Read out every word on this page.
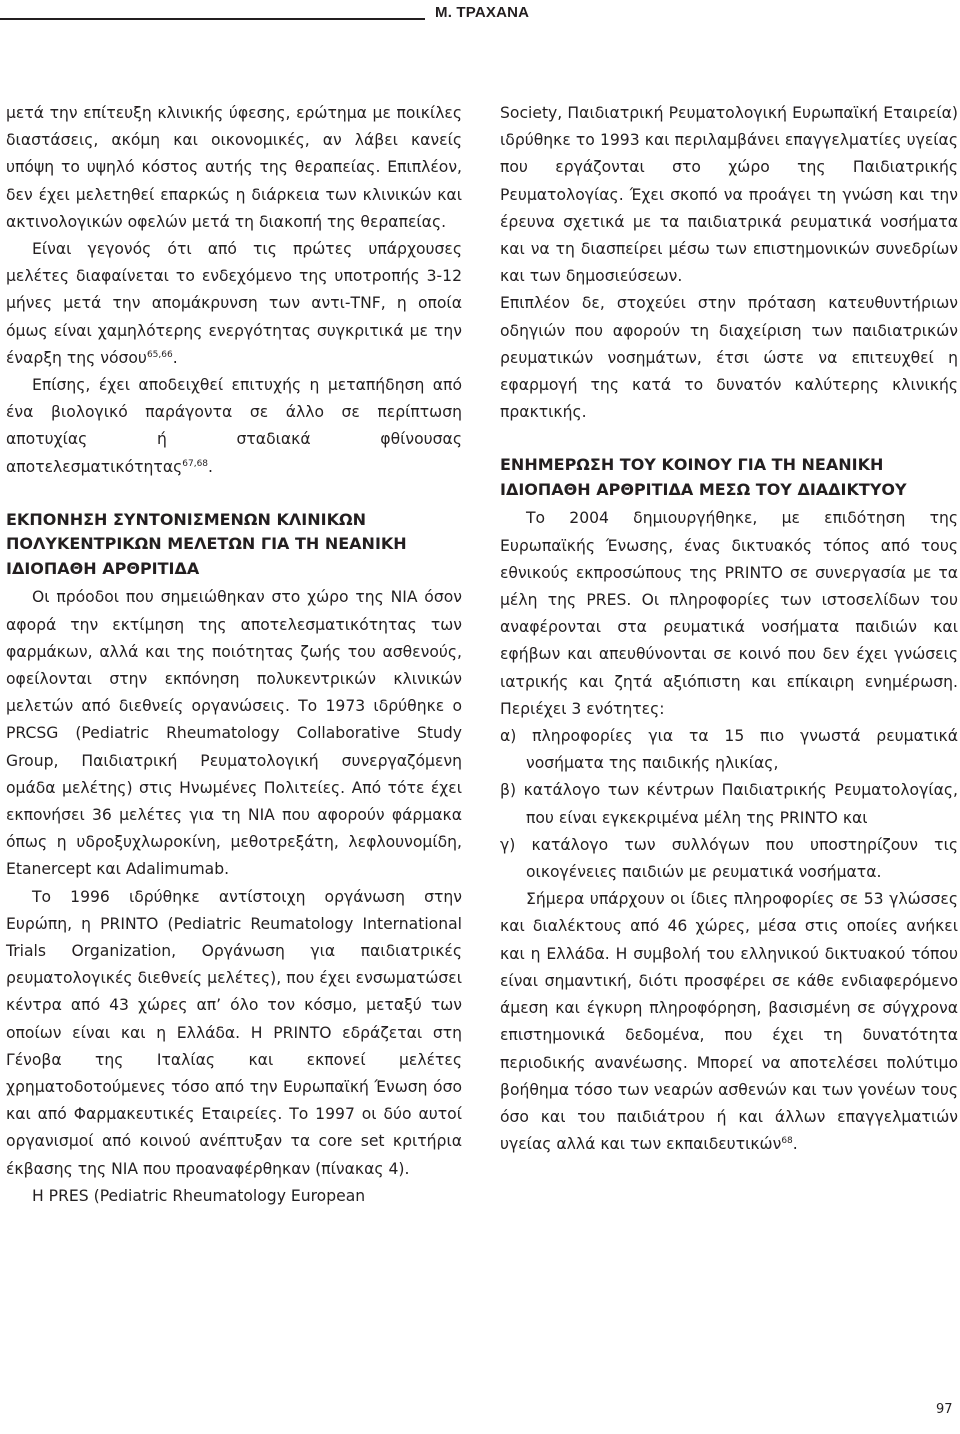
Μ. ΤΡΑΧΑΝΑ

μετά την επίτευξη κλινικής ύφεσης, ερώτημα με ποικίλες διαστάσεις, ακόμη και οικονομικές, αν λάβει κανείς υπόψη το υψηλό κόστος αυτής της θεραπείας. Επιπλέον, δεν έχει μελετηθεί επαρκώς η διάρκεια των κλινικών και ακτινολογικών οφελών μετά τη διακοπή της θεραπείας.

Είναι γεγονός ότι από τις πρώτες υπάρχουσες μελέτες διαφαίνεται το ενδεχόμενο της υποτροπής 3-12 μήνες μετά την απομάκρυνση των αντι-TNF, η οποία όμως είναι χαμηλότερης ενεργότητας συγκριτικά με την έναρξη της νόσου$^{65,66}$.

Επίσης, έχει αποδειχθεί επιτυχής η μεταπήδηση από ένα βιολογικό παράγοντα σε άλλο σε περίπτωση αποτυχίας ή σταδιακά φθίνουσας αποτελεσματικότητας$^{67,68}$.

ΕΚΠΟΝΗΣΗ ΣΥΝΤΟΝΙΣΜΕΝΩΝ ΚΛΙΝΙΚΩΝ ΠΟΛΥΚΕΝΤΡΙΚΩΝ ΜΕΛΕΤΩΝ ΓΙΑ ΤΗ ΝΕΑΝΙΚΗ ΙΔΙΟΠΑΘΗ ΑΡΘΡΙΤΙΔΑ

Οι πρόοδοι που σημειώθηκαν στο χώρο της ΝΙΑ όσον αφορά την εκτίμηση της αποτελεσματικότητας των φαρμάκων, αλλά και της ποιότητας ζωής του ασθενούς, οφείλονται στην εκπόνηση πολυκεντρικών κλινικών μελετών από διεθνείς οργανώσεις. Το 1973 ιδρύθηκε ο PRCSG (Pediatric Rheumatology Collaborative Study Group, Παιδιατρική Ρευματολογική συνεργαζόμενη ομάδα μελέτης) στις Ηνωμένες Πολιτείες. Από τότε έχει εκπονήσει 36 μελέτες για τη ΝΙΑ που αφορούν φάρμακα όπως η υδροξυχλωροκίνη, μεθοτρεξάτη, λεφλουνομίδη, Etanercept και Adalimumab.

Το 1996 ιδρύθηκε αντίστοιχη οργάνωση στην Ευρώπη, η PRINTO (Pediatric Reumatology International Trials Organization, Οργάνωση για παιδιατρικές ρευματολογικές διεθνείς μελέτες), που έχει ενσωματώσει κέντρα από 43 χώρες απ’ όλο τον κόσμο, μεταξύ των οποίων είναι και η Ελλάδα. Η PRINTO εδράζεται στη Γένοβα της Ιταλίας και εκπονεί μελέτες χρηματοδοτούμενες τόσο από την Ευρωπαϊκή Ένωση όσο και από Φαρμακευτικές Εταιρείες. Το 1997 οι δύο αυτοί οργανισμοί από κοινού ανέπτυξαν τα core set κριτήρια έκβασης της ΝΙΑ που προαναφέρθηκαν (πίνακας 4).

Η PRES (Pediatric Rheumatology European

Society, Παιδιατρική Ρευματολογική Ευρωπαϊκή Εταιρεία) ιδρύθηκε το 1993 και περιλαμβάνει επαγγελματίες υγείας που εργάζονται στο χώρο της Παιδιατρικής Ρευματολογίας. Έχει σκοπό να προάγει τη γνώση και την έρευνα σχετικά με τα παιδιατρικά ρευματικά νοσήματα και να τη διασπείρει μέσω των επιστημονικών συνεδρίων και των δημοσιεύσεων.

Επιπλέον δε, στοχεύει στην πρόταση κατευθυντήριων οδηγιών που αφορούν τη διαχείριση των παιδιατρικών ρευματικών νοσημάτων, έτσι ώστε να επιτευχθεί η εφαρμογή της κατά το δυνατόν καλύτερης κλινικής πρακτικής.

ΕΝΗΜΕΡΩΣΗ ΤΟΥ ΚΟΙΝΟΥ ΓΙΑ ΤΗ ΝΕΑΝΙΚΗ ΙΔΙΟΠΑΘΗ ΑΡΘΡΙΤΙΔΑ ΜΕΣΩ ΤΟΥ ΔΙΑΔΙΚΤΥΟΥ

Το 2004 δημιουργήθηκε, με επιδότηση της Ευρωπαϊκής Ένωσης, ένας δικτυακός τόπος από τους εθνικούς εκπροσώπους της PRINTO σε συνεργασία με τα μέλη της PRES. Οι πληροφορίες των ιστοσελίδων του αναφέρονται στα ρευματικά νοσήματα παιδιών και εφήβων και απευθύνονται σε κοινό που δεν έχει γνώσεις ιατρικής και ζητά αξιόπιστη και επίκαιρη ενημέρωση. Περιέχει 3 ενότητες:

α) πληροφορίες για τα 15 πιο γνωστά ρευματικά νοσήματα της παιδικής ηλικίας,

β) κατάλογο των κέντρων Παιδιατρικής Ρευματολογίας, που είναι εγκεκριμένα μέλη της PRINTO και

γ) κατάλογο των συλλόγων που υποστηρίζουν τις οικογένειες παιδιών με ρευματικά νοσήματα.

Σήμερα υπάρχουν οι ίδιες πληροφορίες σε 53 γλώσσες και διαλέκτους από 46 χώρες, μέσα στις οποίες ανήκει και η Ελλάδα. Η συμβολή του ελληνικού δικτυακού τόπου είναι σημαντική, διότι προσφέρει σε κάθε ενδιαφερόμενο άμεση και έγκυρη πληροφόρηση, βασισμένη σε σύγχρονα επιστημονικά δεδομένα, που έχει τη δυνατότητα περιοδικής ανανέωσης. Μπορεί να αποτελέσει πολύτιμο βοήθημα τόσο των νεαρών ασθενών και των γονέων τους όσο και του παιδιάτρου ή και άλλων επαγγελματιών υγείας αλλά και των εκπαιδευτικών$^{68}$.

97
